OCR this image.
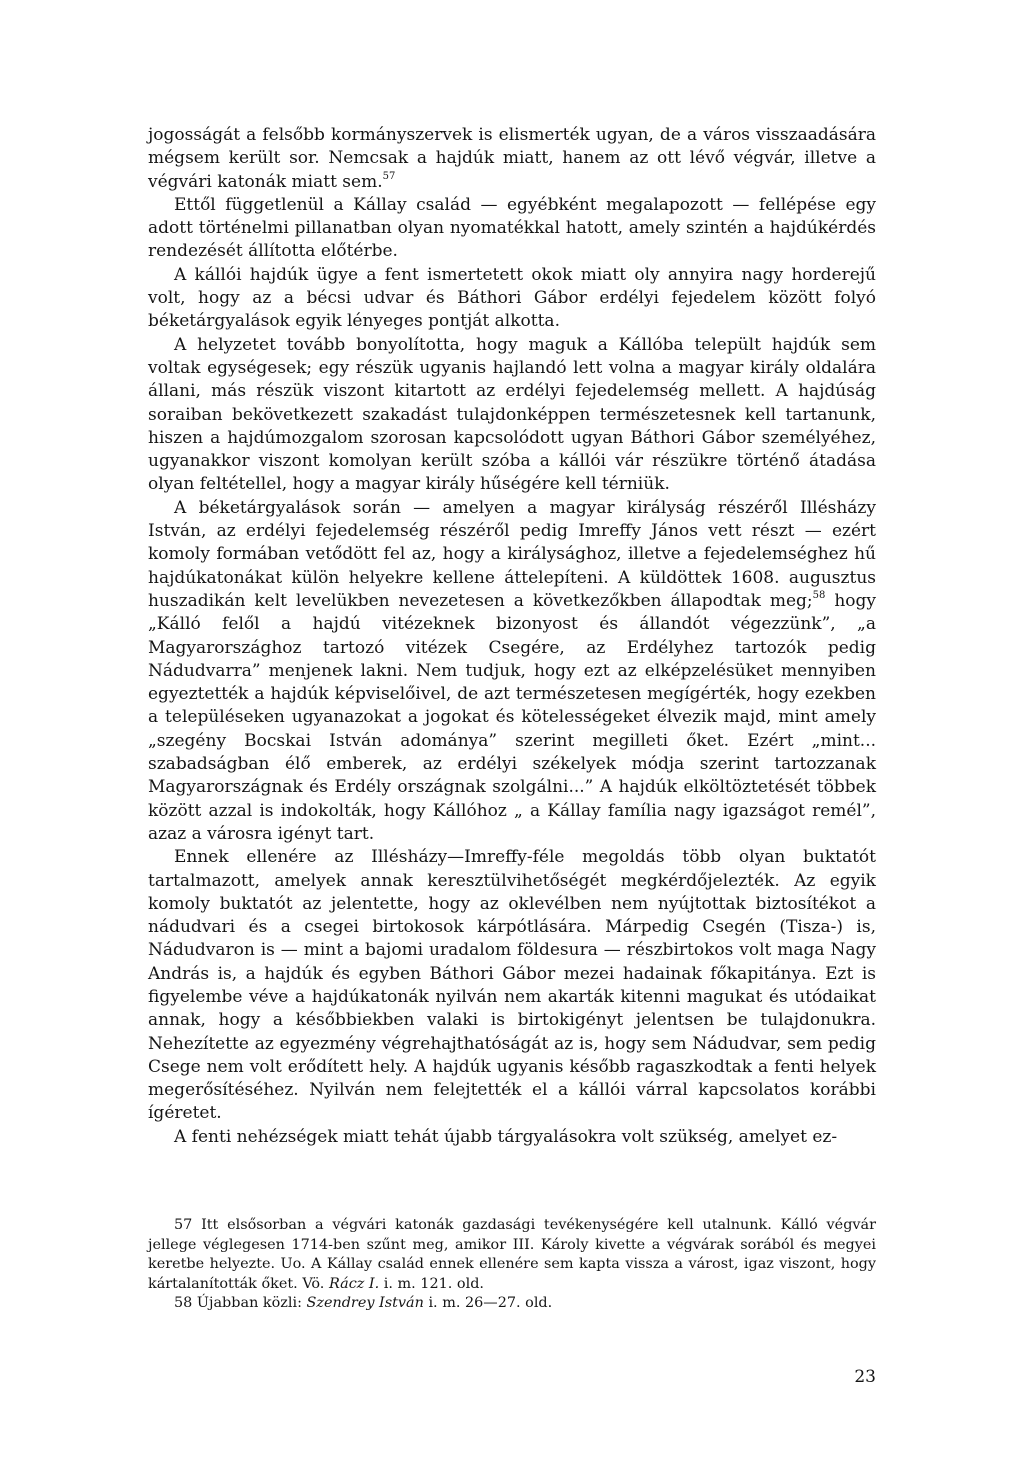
jogosságát a felsőbb kormányszervek is elismerték ugyan, de a város visszaadására mégsem került sor. Nemcsak a hajdúk miatt, hanem az ott lévő végvár, illetve a végvári katonák miatt sem.$^{57}$

Ettől függetlenül a Kállay család — egyébként megalapozott — fellépése egy adott történelmi pillanatban olyan nyomatékkal hatott, amely szintén a hajdúkérdés rendezését állította előtérbe.

A kállói hajdúk ügye a fent ismertetett okok miatt oly annyira nagy horderejű volt, hogy az a bécsi udvar és Báthori Gábor erdélyi fejedelem között folyó béketárgyalások egyik lényeges pontját alkotta.

A helyzetet tovább bonyolította, hogy maguk a Kállóba települt hajdúk sem voltak egységesek; egy részük ugyanis hajlandó lett volna a magyar király oldalára állani, más részük viszont kitartott az erdélyi fejedelemség mellett. A hajdúság soraiban bekövetkezett szakadást tulajdonképpen természetesnek kell tartanunk, hiszen a hajdúmozgalom szorosan kapcsolódott ugyan Báthori Gábor személyéhez, ugyanakkor viszont komolyan került szóba a kállói vár részükre történő átadása olyan feltétellel, hogy a magyar király hűségére kell térniük.

A béketárgyalások során — amelyen a magyar királyság részéről Illésházy István, az erdélyi fejedelemség részéről pedig Imreffy János vett részt — ezért komoly formában vetődött fel az, hogy a királysághoz, illetve a fejedelemséghez hű hajdúkatonákat külön helyekre kellene áttelepíteni. A küldöttek 1608. augusztus huszadikán kelt levelükben nevezetesen a következőkben állapodtak meg;$^{58}$ hogy „Kálló felől a hajdú vitézeknek bizonyost és állandót végezzünk”, „a Magyarországhoz tartozó vitézek Csegére, az Erdélyhez tartozók pedig Nádudvarra” menjenek lakni. Nem tudjuk, hogy ezt az elképzelésüket mennyiben egyeztették a hajdúk képviselőivel, de azt természetesen megígérték, hogy ezekben a településeken ugyanazokat a jogokat és kötelességeket élvezik majd, mint amely „szegény Bocskai István adománya” szerint megilleti őket. Ezért „mint... szabadságban élő emberek, az erdélyi székelyek módja szerint tartozzanak Magyarországnak és Erdély országnak szolgálni...” A hajdúk elköltöztetését többek között azzal is indokolták, hogy Kállóhoz „ a Kállay família nagy igazságot remél”, azaz a városra igényt tart.

Ennek ellenére az Illésházy—Imreffy-féle megoldás több olyan buktatót tartalmazott, amelyek annak keresztülvihetőségét megkérdőjelezték. Az egyik komoly buktatót az jelentette, hogy az oklevélben nem nyújtottak biztosítékot a nádudvari és a csegei birtokosok kárpótlására. Márpedig Csegén (Tisza-) is, Nádudvaron is — mint a bajomi uradalom földesura — részbirtokos volt maga Nagy András is, a hajdúk és egyben Báthori Gábor mezei hadainak főkapitánya. Ezt is figyelembe véve a hajdúkatonák nyilván nem akarták kitenni magukat és utódaikat annak, hogy a későbbiekben valaki is birtokigényt jelentsen be tulajdonukra. Nehezítette az egyezmény végrehajthatóságát az is, hogy sem Nádudvar, sem pedig Csege nem volt erődített hely. A hajdúk ugyanis később ragaszkodtak a fenti helyek megerősítéséhez. Nyilván nem felejtették el a kállói várral kapcsolatos korábbi ígéretet.

A fenti nehézségek miatt tehát újabb tárgyalásokra volt szükség, amelyet ez-

57 Itt elsősorban a végvári katonák gazdasági tevékenységére kell utalnunk. Kálló végvár jellege véglegesen 1714-ben szűnt meg, amikor III. Károly kivette a végvárak sorából és megyei keretbe helyezte. Uo. A Kállay család ennek ellenére sem kapta vissza a várost, igaz viszont, hogy kártalanították őket. Vö. Rácz I. i. m. 121. old.

58 Újabban közli: Szendrey István i. m. 26—27. old.

23
